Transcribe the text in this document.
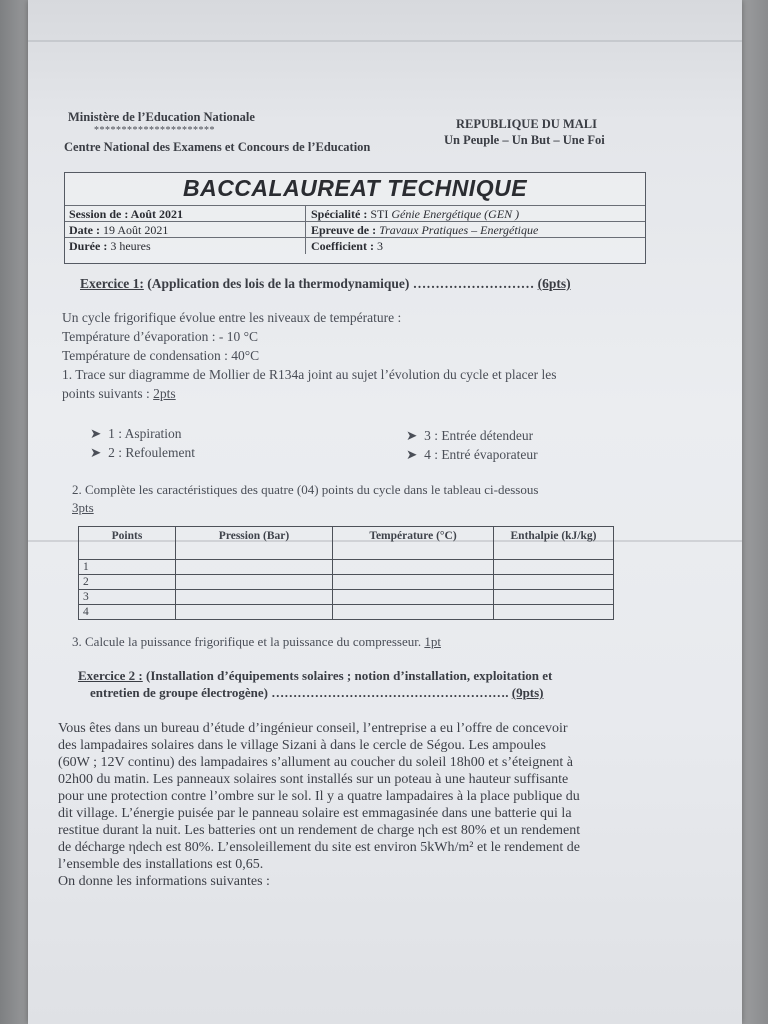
Ministère de l’Education Nationale
**********************
Centre National des Examens et Concours de l’Education
REPUBLIQUE DU MALI
Un Peuple – Un But – Une Foi
BACCALAUREAT TECHNIQUE
Session de : Août 2021	Spécialité : STI Génie Energétique (GEN )
Date : 19 Août 2021	Epreuve de : Travaux Pratiques – Energétique
Durée : 3 heures	Coefficient : 3
Exercice 1: (Application des lois de la thermodynamique) ……………………… (6pts)
Un cycle frigorifique évolue entre les niveaux de température :
Température d’évaporation : - 10 °C
Température de condensation : 40°C
1. Trace sur diagramme de Mollier de R134a joint au sujet l’évolution du cycle et placer les
points suivants : 2pts
➤ 1 : Aspiration
➤ 2 : Refoulement
➤ 3 : Entrée détendeur
➤ 4 : Entré évaporateur
2. Complète les caractéristiques des quatre (04) points du cycle dans le tableau ci-dessous
3pts
Points	Pression (Bar)	Température (°C)	Enthalpie (kJ/kg)
1			
2			
3			
4			
3. Calcule la puissance frigorifique et la puissance du compresseur. 1pt
Exercice 2 : (Installation d’équipements solaires ; notion d’installation, exploitation et
entretien de groupe électrogène) ………………………………………………. (9pts)
Vous êtes dans un bureau d’étude d’ingénieur conseil, l’entreprise a eu l’offre de concevoir
des lampadaires solaires dans le village Sizani à dans le cercle de Ségou. Les ampoules
(60W ; 12V continu) des lampadaires s’allument au coucher du soleil 18h00 et s’éteignent à
02h00 du matin. Les panneaux solaires sont installés sur un poteau à une hauteur suffisante
pour une protection contre l’ombre sur le sol. Il y a quatre lampadaires à la place publique du
dit village. L’énergie puisée par le panneau solaire est emmagasinée dans une batterie qui la
restitue durant la nuit. Les batteries ont un rendement de charge ηch est 80% et un rendement
de décharge ηdech est 80%. L’ensoleillement du site est environ 5kWh/m² et le rendement de
l’ensemble des installations est 0,65.
On donne les informations suivantes :
